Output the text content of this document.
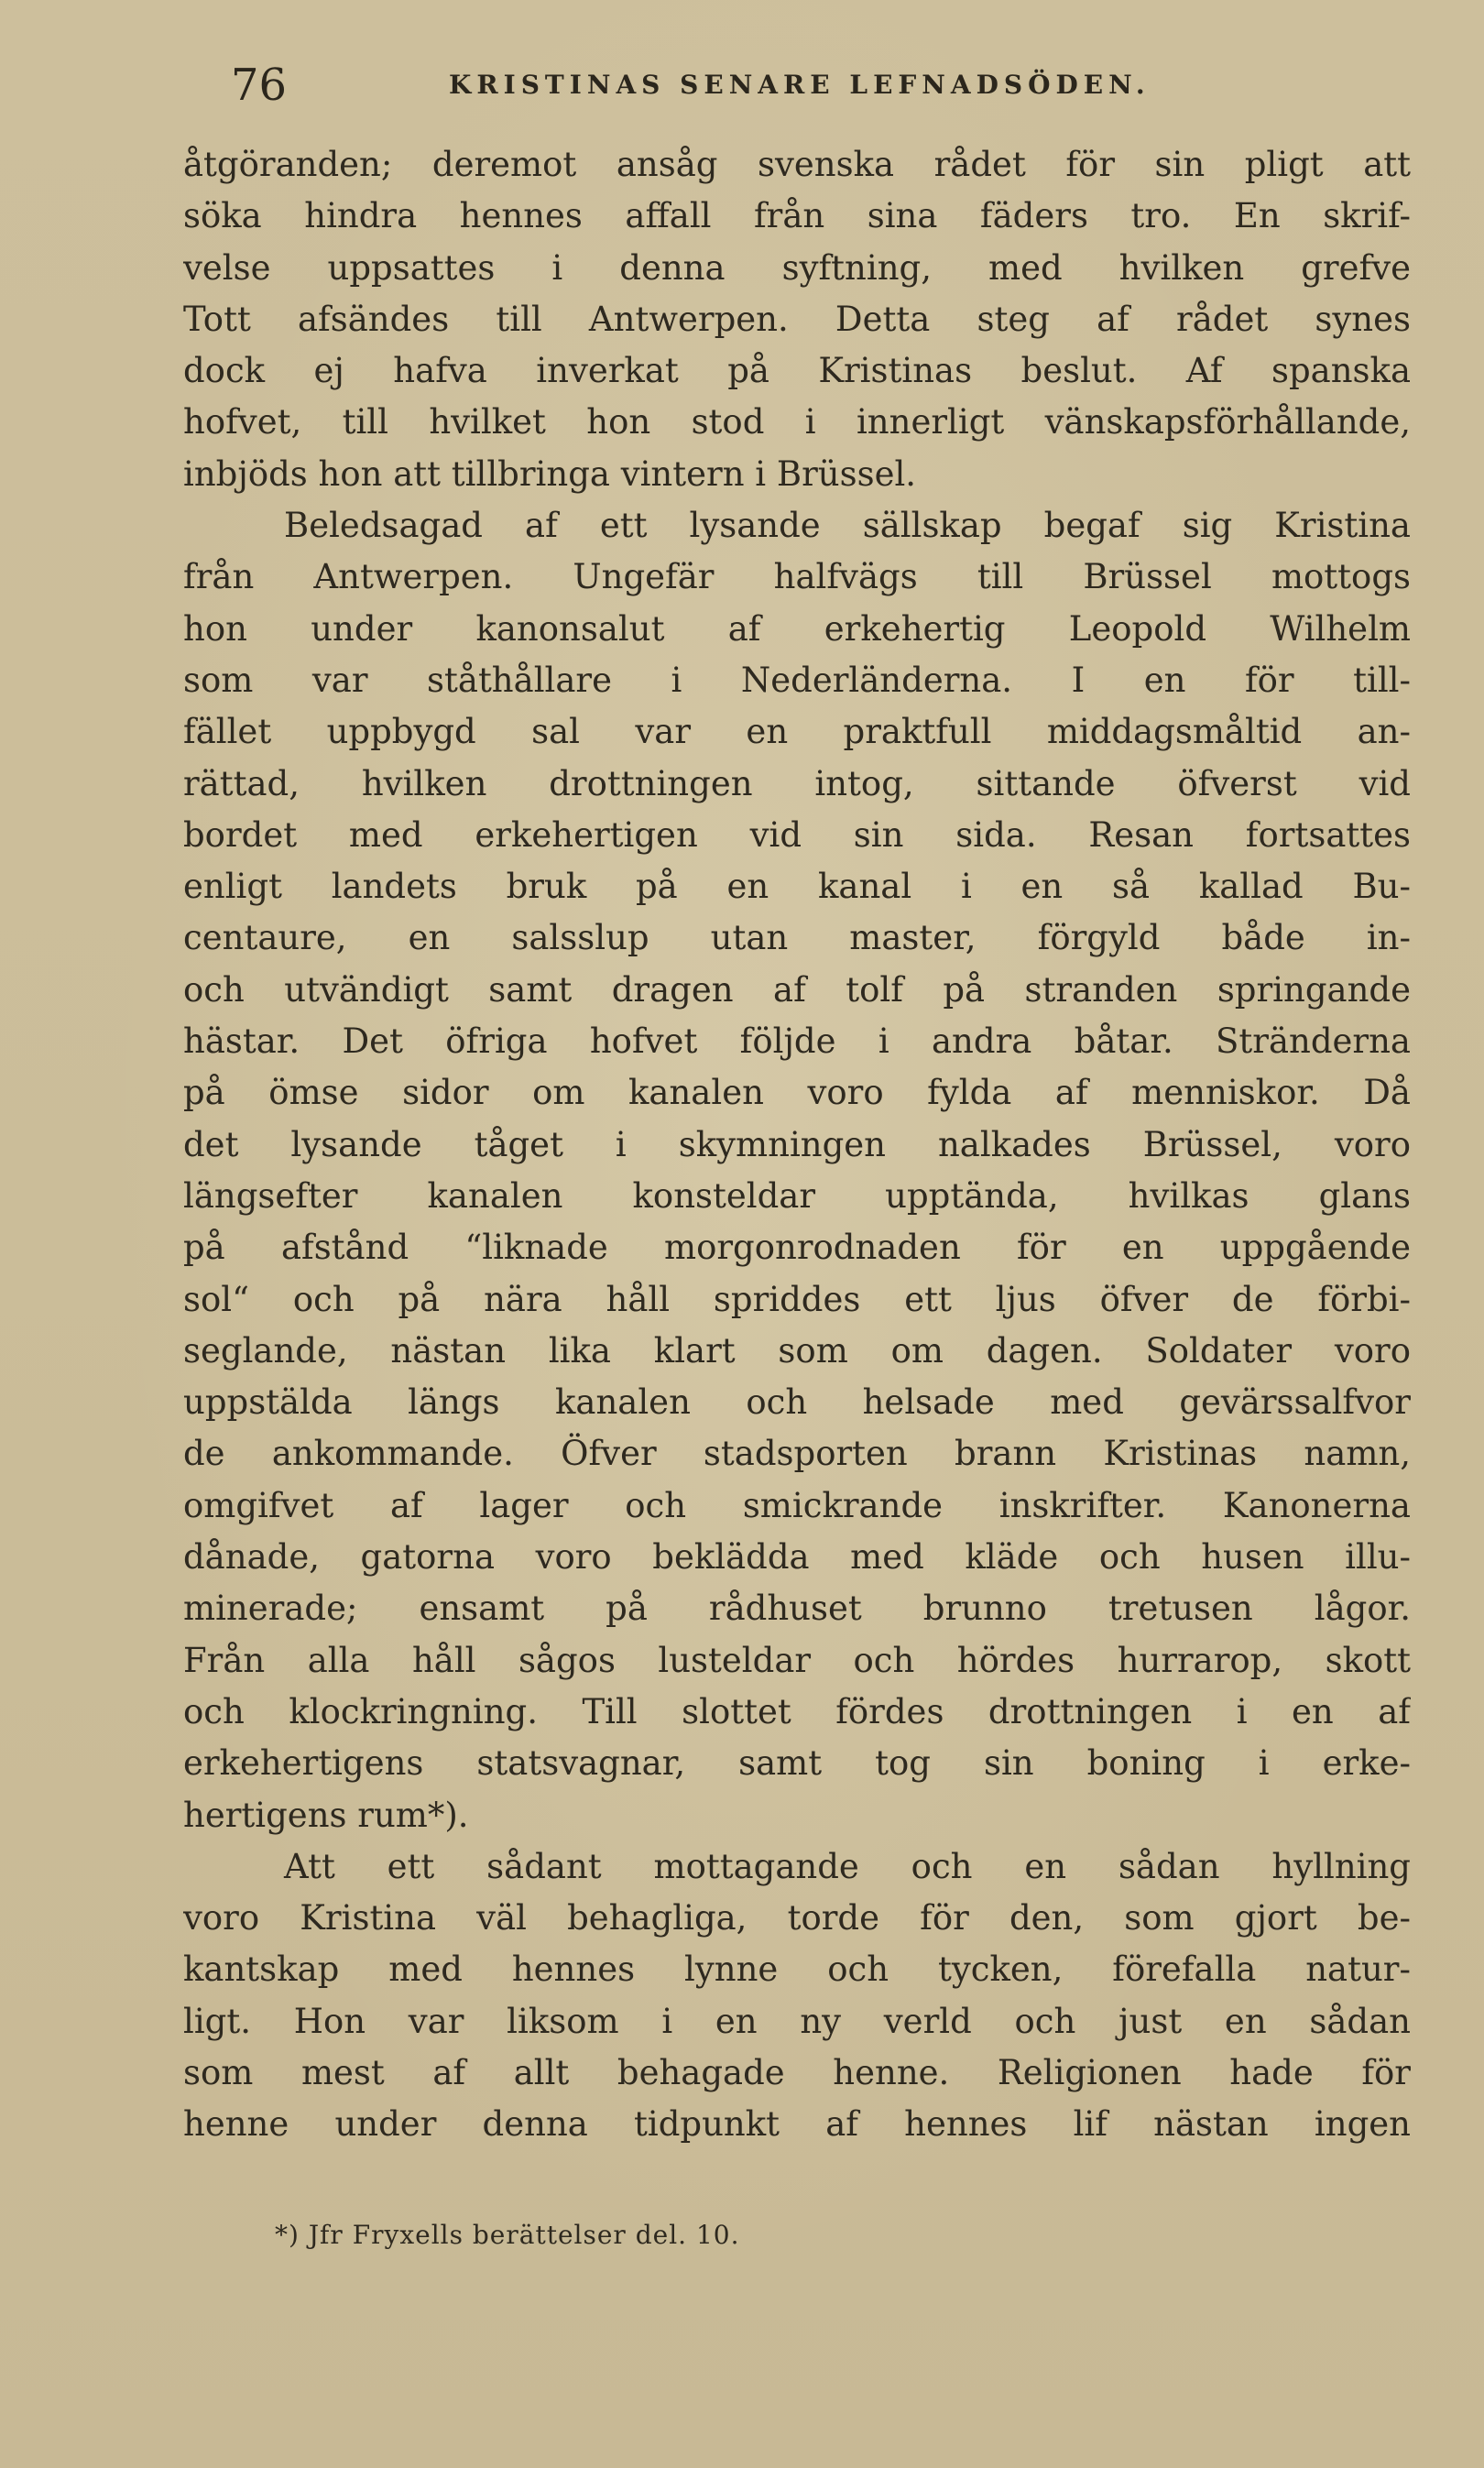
76	KRISTINAS SENARE LEFNADSÖDEN.
åtgöranden; deremot ansåg svenska rådet för sin pligt att
söka hindra hennes affall från sina fäders tro. En skrif-
velse uppsattes i denna syftning, med hvilken grefve
Tott afsändes till Antwerpen. Detta steg af rådet synes
dock ej hafva inverkat på Kristinas beslut. Af spanska
hofvet, till hvilket hon stod i innerligt vänskapsförhållande,
inbjöds hon att tillbringa vintern i Brüssel.
Beledsagad af ett lysande sällskap begaf sig Kristina
från Antwerpen. Ungefär halfvägs till Brüssel mottogs
hon under kanonsalut af erkehertig Leopold Wilhelm
som var ståthållare i Nederländerna. I en för till-
fället uppbygd sal var en praktfull middagsmåltid an-
rättad, hvilken drottningen intog, sittande öfverst vid
bordet med erkehertigen vid sin sida. Resan fortsattes
enligt landets bruk på en kanal i en så kallad Bu-
centaure, en salsslup utan master, förgyld både in-
och utvändigt samt dragen af tolf på stranden springande
hästar. Det öfriga hofvet följde i andra båtar. Stränderna
på ömse sidor om kanalen voro fylda af menniskor. Då
det lysande tåget i skymningen nalkades Brüssel, voro
längsefter kanalen konsteldar upptända, hvilkas glans
på afstånd “liknade morgonrodnaden för en uppgående
sol“ och på nära håll spriddes ett ljus öfver de förbi-
seglande, nästan lika klart som om dagen. Soldater voro
uppstälda längs kanalen och helsade med gevärssalfvor
de ankommande. Öfver stadsporten brann Kristinas namn,
omgifvet af lager och smickrande inskrifter. Kanonerna
dånade, gatorna voro beklädda med kläde och husen illu-
minerade; ensamt på rådhuset brunno tretusen lågor.
Från alla håll sågos lusteldar och hördes hurrarop, skott
och klockringning. Till slottet fördes drottningen i en af
erkehertigens statsvagnar, samt tog sin boning i erke-
hertigens rum*).
Att ett sådant mottagande och en sådan hyllning
voro Kristina väl behagliga, torde för den, som gjort be-
kantskap med hennes lynne och tycken, förefalla natur-
ligt. Hon var liksom i en ny verld och just en sådan
som mest af allt behagade henne. Religionen hade för
henne under denna tidpunkt af hennes lif nästan ingen
*) Jfr Fryxells berättelser del. 10.
